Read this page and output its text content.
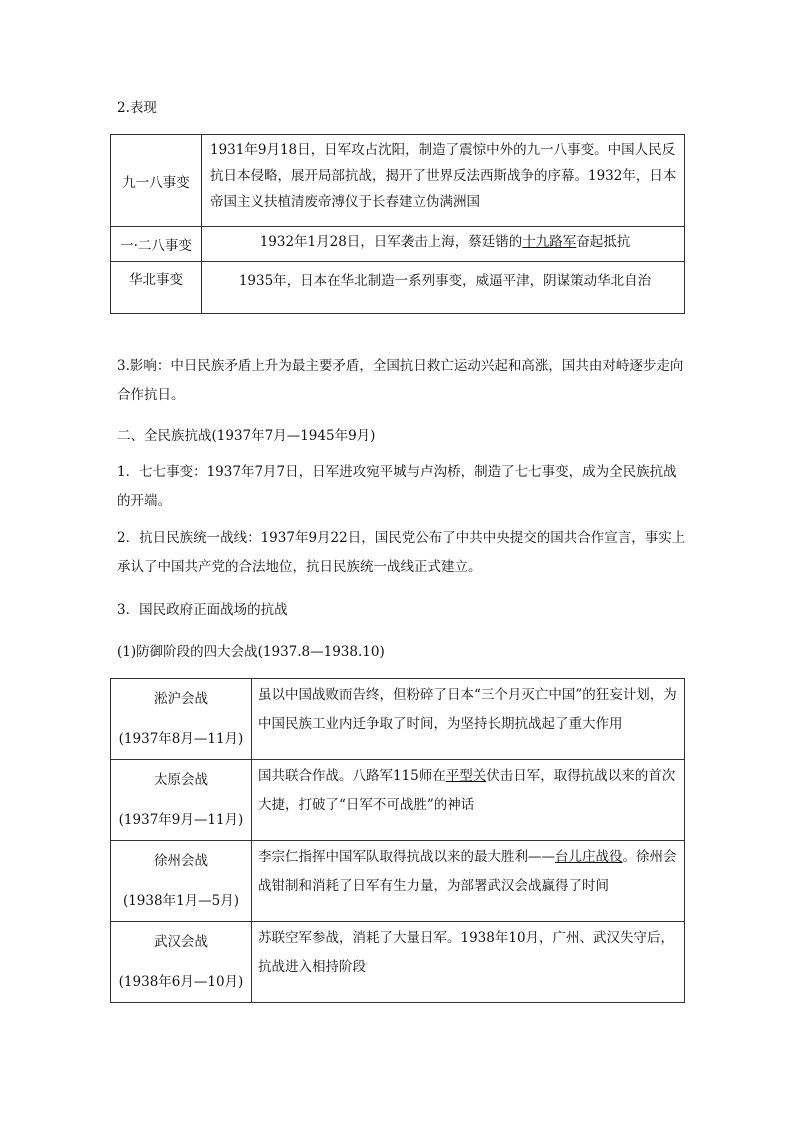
2.表现
九一八事变	1931年9月18日，日军攻占沈阳，制造了震惊中外的九一八事变。中国人民反抗日本侵略，展开局部抗战，揭开了世界反法西斯战争的序幕。1932年，日本帝国主义扶植清废帝溥仪于长春建立伪满洲国
一·二八事变	1932年1月28日，日军袭击上海，蔡廷锴的十九路军奋起抵抗
华北事变	1935年，日本在华北制造一系列事变，威逼平津，阴谋策动华北自治
3.影响：中日民族矛盾上升为最主要矛盾，全国抗日救亡运动兴起和高涨，国共由对峙逐步走向合作抗日。
二、全民族抗战(1937年7月—1945年9月)
1．七七事变：1937年7月7日，日军进攻宛平城与卢沟桥，制造了七七事变，成为全民族抗战的开端。
2．抗日民族统一战线：1937年9月22日，国民党公布了中共中央提交的国共合作宣言，事实上承认了中国共产党的合法地位，抗日民族统一战线正式建立。
3．国民政府正面战场的抗战
(1)防御阶段的四大会战(1937.8—1938.10)
淞沪会战
(1937年8月—11月)	虽以中国战败而告终，但粉碎了日本“三个月灭亡中国”的狂妄计划，为中国民族工业内迁争取了时间，为坚持长期抗战起了重大作用

太原会战
(1937年9月—11月)	国共联合作战。八路军115师在平型关伏击日军，取得抗战以来的首次大捷，打破了“日军不可战胜”的神话

徐州会战
(1938年1月—5月)	李宗仁指挥中国军队取得抗战以来的最大胜利——台儿庄战役。徐州会战钳制和消耗了日军有生力量，为部署武汉会战赢得了时间

武汉会战
(1938年6月—10月)	苏联空军参战，消耗了大量日军。1938年10月，广州、武汉失守后，抗战进入相持阶段
